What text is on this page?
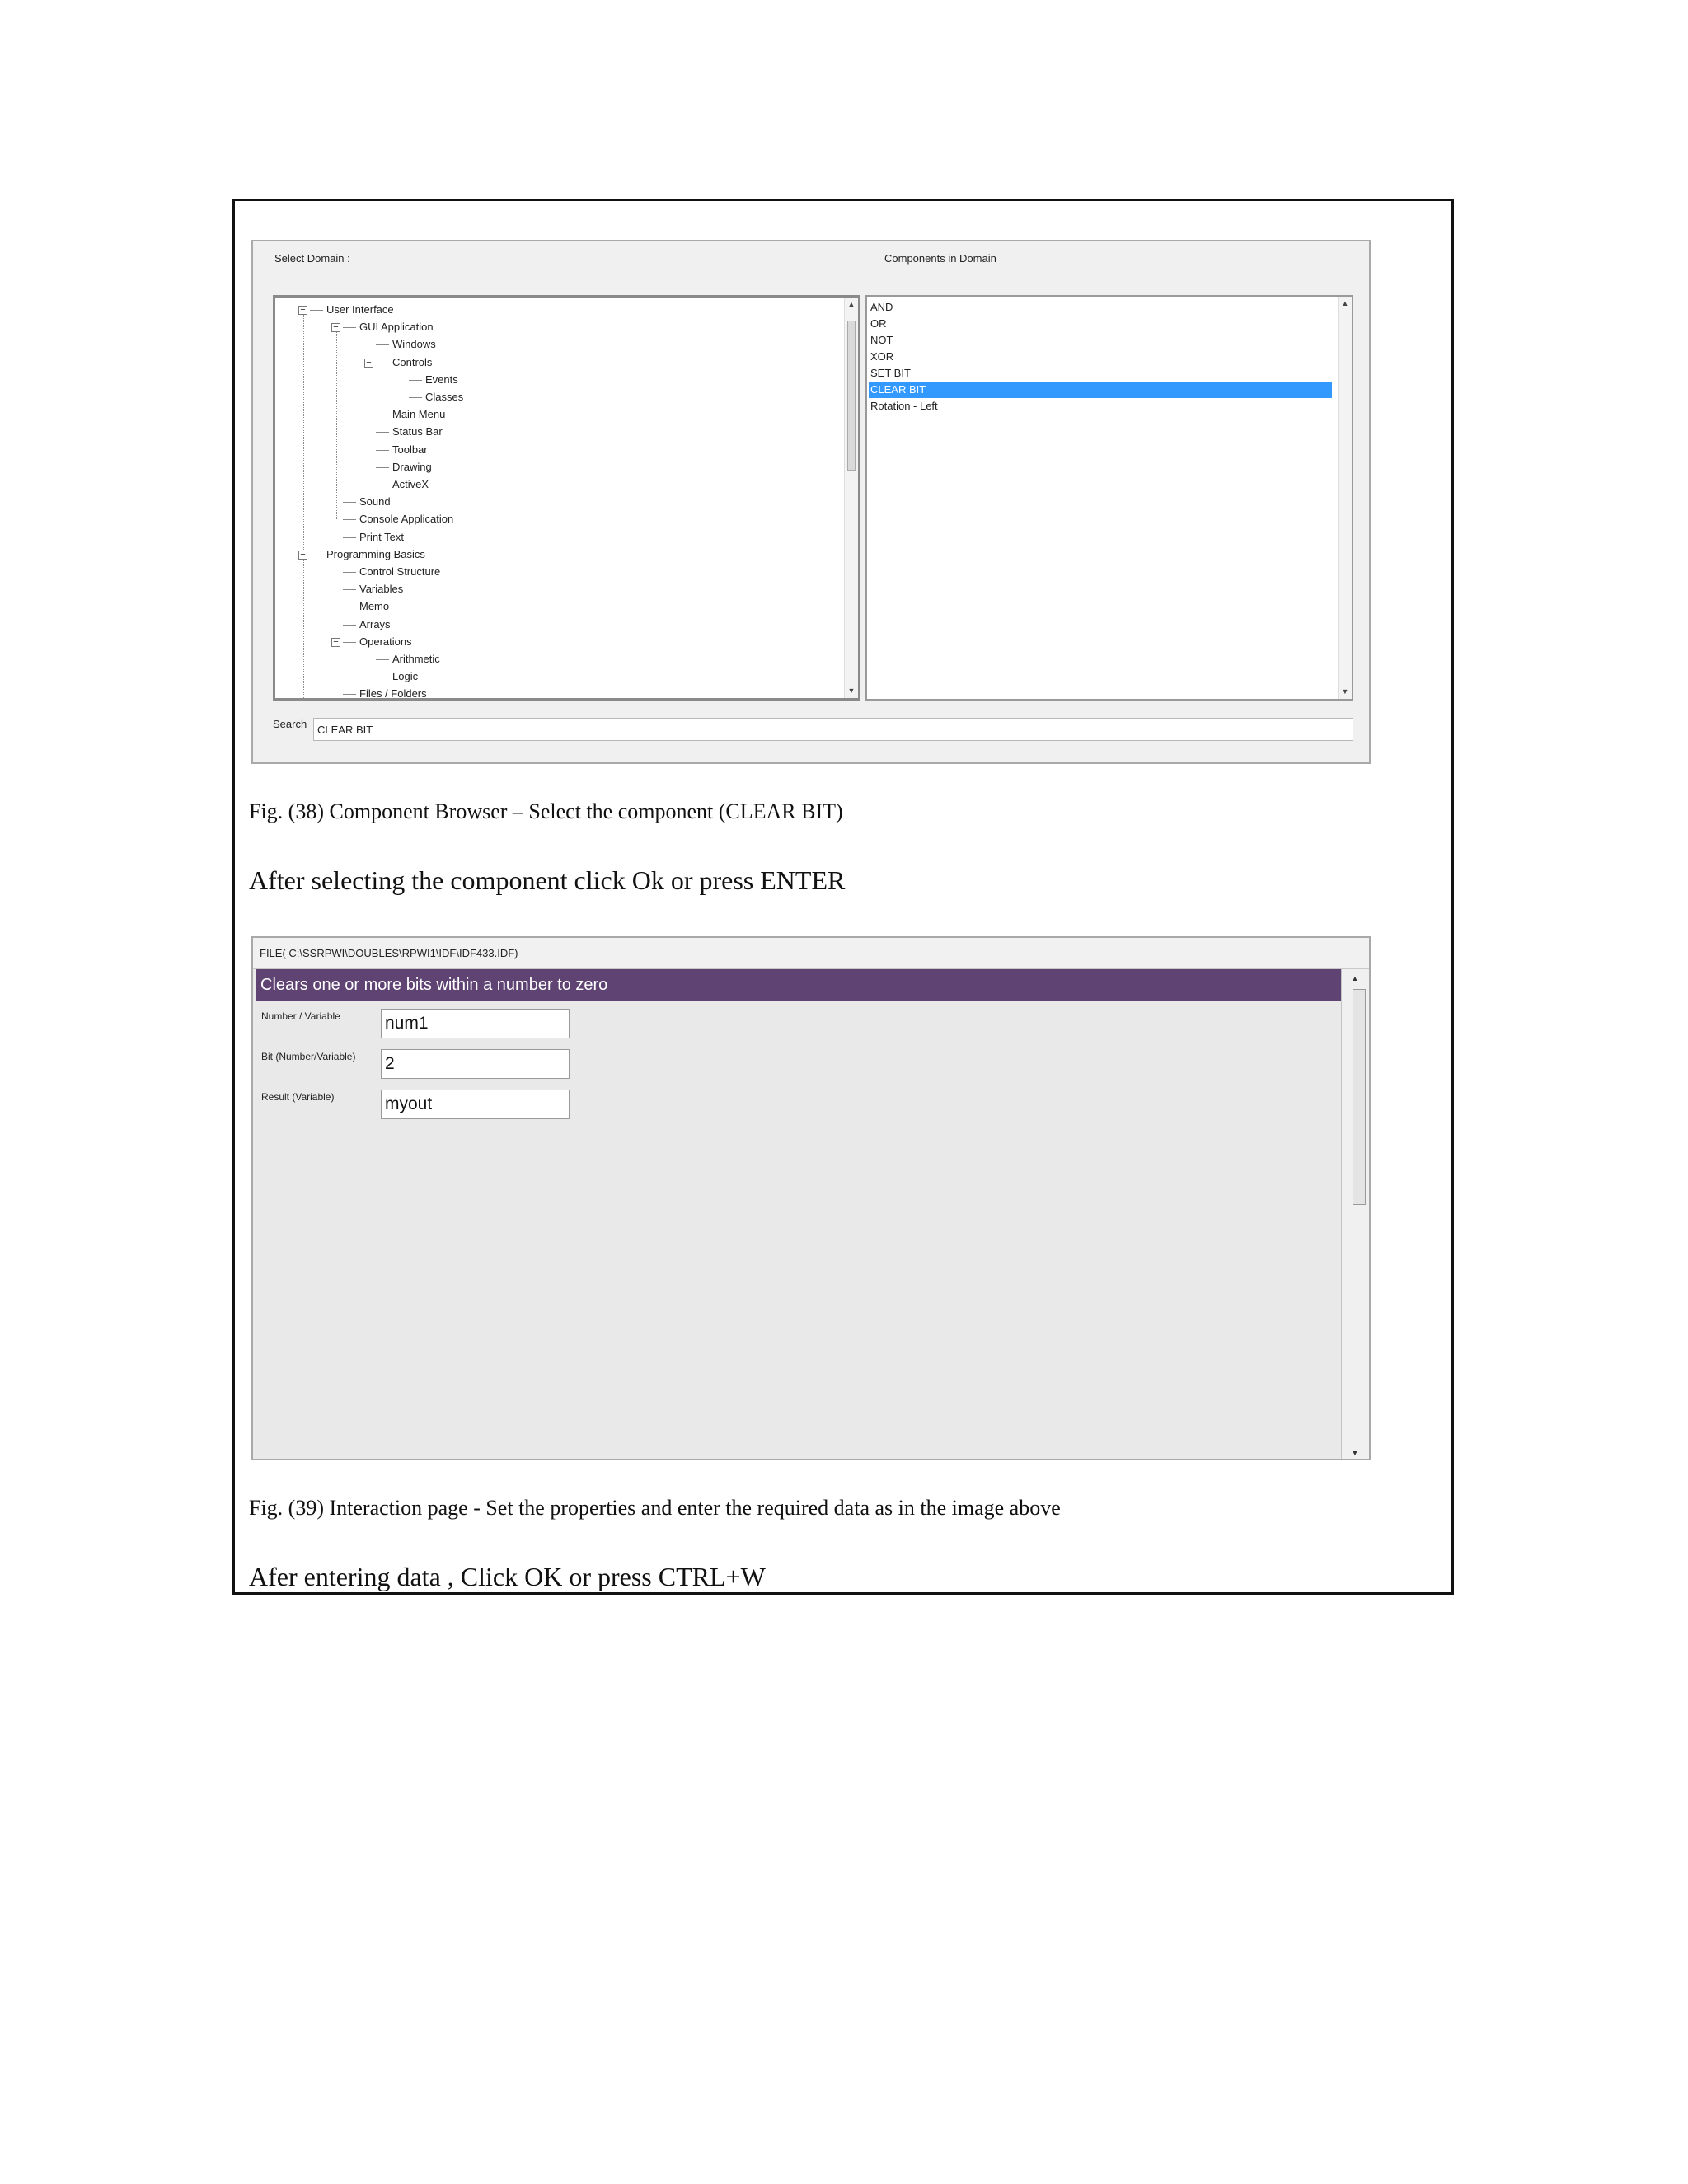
Select Domain :	Components in Domain
− User Interface
− GUI Application
Windows
− Controls
Events
Classes
Main Menu
Status Bar
Toolbar
Drawing
ActiveX
Sound
Console Application
Print Text
− Programming Basics
Control Structure
Variables
Memo
Arrays
− Operations
Arithmetic
Logic
Files / Folders
▲
▼
AND
OR
NOT
XOR
SET BIT
CLEAR BIT
Rotation - Left
▲
▼
Search
CLEAR BIT
Fig. (38) Component Browser – Select the component (CLEAR BIT)
After selecting the component click Ok or press ENTER
FILE( C:\SSRPWI\DOUBLES\RPWI1\IDF\IDF433.IDF)
Clears one or more bits within a number to zero
Number / Variable
num1
Bit (Number/Variable)
2
Result (Variable)
myout
▲
▼
Fig. (39) Interaction page - Set the properties and enter the required data as in the image above
Afer entering data , Click OK or press CTRL+W
